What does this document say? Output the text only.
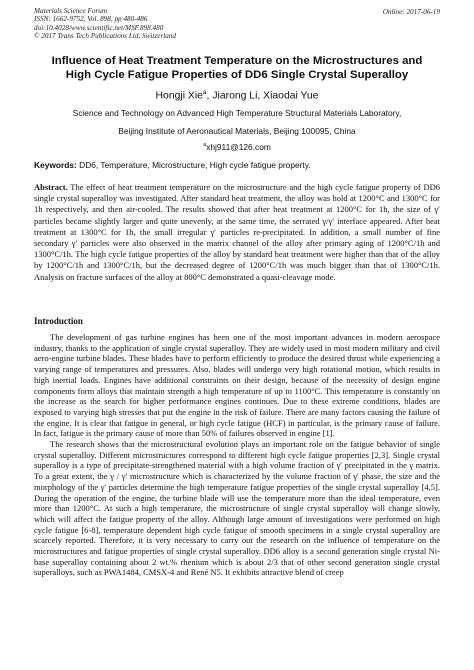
Materials Science Forum
ISSN: 1662-9752, Vol. 898, pp 480-486
doi:10.4028/www.scientific.net/MSF.898.480
© 2017 Trans Tech Publications Ltd, Switzerland
Online: 2017-06-19
Influence of Heat Treatment Temperature on the Microstructures and
High Cycle Fatigue Properties of DD6 Single Crystal Superalloy
Hongji Xie$^a$, Jiarong Li, Xiaodai Yue
Science and Technology on Advanced High Temperature Structural Materials Laboratory,
Beijing Institute of Aeronautical Materials, Beijing 100095, China
$^a$xhj911@126.com
Keywords: DD6, Temperature, Microstructure, High cycle fatigue property.

Abstract. The effect of heat treatment temperature on the microstructure and the high cycle fatigue property of DD6 single crystal superalloy was investigated. After standard heat treatment, the alloy was hold at 1200°C and 1300°C for 1h respectively, and then air-cooled. The results showed that after heat treatment at 1200°C for 1h, the size of γ′ particles became slightly larger and quite unevenly, at the same time, the serrated γ/γ′ interface appeared. After heat treatment at 1300°C for 1h, the small irregular γ′ particles re-precipitated. In addition, a small number of fine secondary γ′ particles were also observed in the matrix channel of the alloy after primary aging of 1200°C/1h and 1300°C/1h. The high cycle fatigue properties of the alloy by standard heat treatment were higher than that of the alloy by 1200°C/1h and 1300°C/1h, but the decreased degree of 1200°C/1h was much bigger than that of 1300°C/1h. Analysis on fracture surfaces of the alloy at 800°C demonstrated a quasi-cleavage mode.

Introduction

The development of gas turbine engines has been one of the most important advances in modern aerospace industry, thanks to the application of single crystal superalloy. They are widely used in most modern military and civil aero-engine turbine blades. These blades have to perform efficiently to produce the desired thrust while experiencing a varying range of temperatures and pressures. Also, blades will undergo very high rotational motion, which results in high inertial loads. Engines have additional constraints on their design, because of the necessity of design engine components form alloys that maintain strength a high temperature of up to 1100°C. This temperature is constantly on the increase as the search for higher performance engines continues. Due to these extreme conditions, blades are exposed to varying high stresses that put the engine in the risk of failure. There are many factors causing the failure of the engine. It is clear that fatigue in general, or high cycle fatigue (HCF) in particular, is the primary cause of failure. In fact, fatigue is the primary cause of more than 50% of failures observed in engine [1].

The research shows that the microstructural evolution plays an important role on the fatigue behavior of single crystal superalloy. Different microstructures correspond to different high cycle fatigue properties [2,3]. Single crystal superalloy is a type of precipitate-strengthened material with a high volume fraction of γ′ precipitated in the γ matrix. To a great extent, the γ / γ′ microstructure which is characterized by the volume fraction of γ′ phase, the size and the morphology of the γ′ particles determine the high temperature fatigue properties of the single crystal superalloy [4,5]. During the operation of the engine, the turbine blade will use the temperature more than the ideal temperature, even more than 1200°C. At such a high temperature, the microstructure of single crystal superalloy will change slowly, which will affect the fatigue property of the alloy. Although large amount of investigations were performed on high cycle fatigue [6-8], temperature dependent high cycle fatigue of smooth specimens in a single crystal superalloy are scarcely reported. Therefore, it is very necessary to carry out the research on the influence of temperature on the microstructures and fatigue properties of single crystal superalloy. DD6 alloy is a second generation single crystal Ni-base superalloy containing about 2 wt.% rhenium which is about 2/3 that of other second generation single crystal superalloys, such as PWA1484, CMSX-4 and René N5. It exhibits attractive blend of creep
